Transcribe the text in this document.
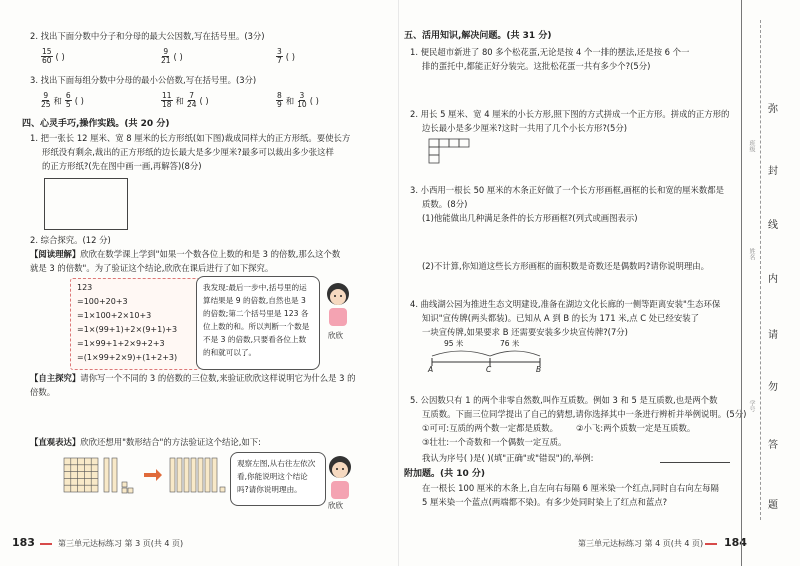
2. 找出下面分数中分子和分母的最大公因数,写在括号里。(3分)
$\frac{15}{60}$ ( )	$\frac{9}{21}$ ( )	$\frac{3}{7}$ ( )
3. 找出下面每组分数中分母的最小公倍数,写在括号里。(3分)
$\frac{9}{25}$ 和 $\frac{6}{5}$ ( )	$\frac{11}{18}$ 和 $\frac{7}{24}$ ( )	$\frac{8}{9}$ 和 $\frac{3}{10}$ ( )
四、心灵手巧,操作实践。(共 20 分)
1. 把一张长 12 厘米、宽 8 厘米的长方形纸(如下图)裁成同样大的正方形纸。要使长方
形纸没有剩余,裁出的正方形纸的边长最大是多少厘米?最多可以裁出多少张这样
的正方形纸?(先在图中画一画,再解答)(8分)
2. 综合探究。(12 分)
【阅读理解】欣欣在数学课上学到"如果一个数各位上数的和是 3 的倍数,那么这个数
就是 3 的倍数"。为了验证这个结论,欣欣在课后进行了如下探究。
123
=100+20+3
=1×100+2×10+3
=1×(99+1)+2×(9+1)+3
=1×99+1+2×9+2+3
=(1×99+2×9)+(1+2+3)
我发现:最后一步中,括号里的运算结果是 9 的倍数,自然也是 3 的倍数;第二个括号里是 123 各位上数的和。所以判断一个数是不是 3 的倍数,只要看各位上数的和就可以了。
欣欣
【自主探究】请你写一个不同的 3 的倍数的三位数,来验证欣欣这样说明它为什么是 3 的
倍数。
【直观表达】欣欣还想用"数形结合"的方法验证这个结论,如下:
观察左图,从右往左依次看,你能说明这个结论吗?请你说明理由。
欣欣
183	第三单元达标练习 第 3 页(共 4 页)
五、活用知识,解决问题。(共 31 分)
1. 便民超市新进了 80 多个松花蛋,无论是按 4 个一排的摆法,还是按 6 个一
排的蛋托中,都能正好分装完。这批松花蛋一共有多少个?(5分)
2. 用长 5 厘米、宽 4 厘米的小长方形,照下图的方式拼成一个正方形。拼成的正方形的
边长最小是多少厘米?这时一共用了几个小长方形?(5分)
3. 小西用一根长 50 厘米的木条正好做了一个长方形画框,画框的长和宽的厘米数都是
质数。(8分)
(1)他能做出几种满足条件的长方形画框?(列式或画图表示)
(2)不计算,你知道这些长方形画框的面积数是奇数还是偶数吗?请你说明理由。
4. 曲线湖公园为推进生态文明建设,准备在湖边文化长廊的一侧等距离安装"生态环保
知识"宣传牌(两头都装)。已知从 A 到 B 的长为 171 米,点 C 处已经安装了
一块宣传牌,如果要求 B 还需要安装多少块宣传牌?(7分)
95 米	76 米
A	C	B
5. 公因数只有 1 的两个非零自然数,叫作互质数。例如 3 和 5 是互质数,也是两个数
互质数。下面三位同学提出了自己的猜想,请你选择其中一条进行辨析并举例说明。(5分)
①可可:互质的两个数一定都是质数。 ②小飞:两个质数一定是互质数。
③壮壮:一个奇数和一个偶数一定互质。
我认为序号( )是( )(填"正确"或"错误")的,举例:
附加题。(共 10 分)
在一根长 100 厘米的木条上,自左向右每隔 6 厘米染一个红点,同时自右向左每隔
5 厘米染一个蓝点(两端都不染)。有多少处同时染上了红点和蓝点?
第三单元达标练习 第 4 页(共 4 页) 184
弥
封
线
内
请
勿
答
题
班级
姓名
学号
